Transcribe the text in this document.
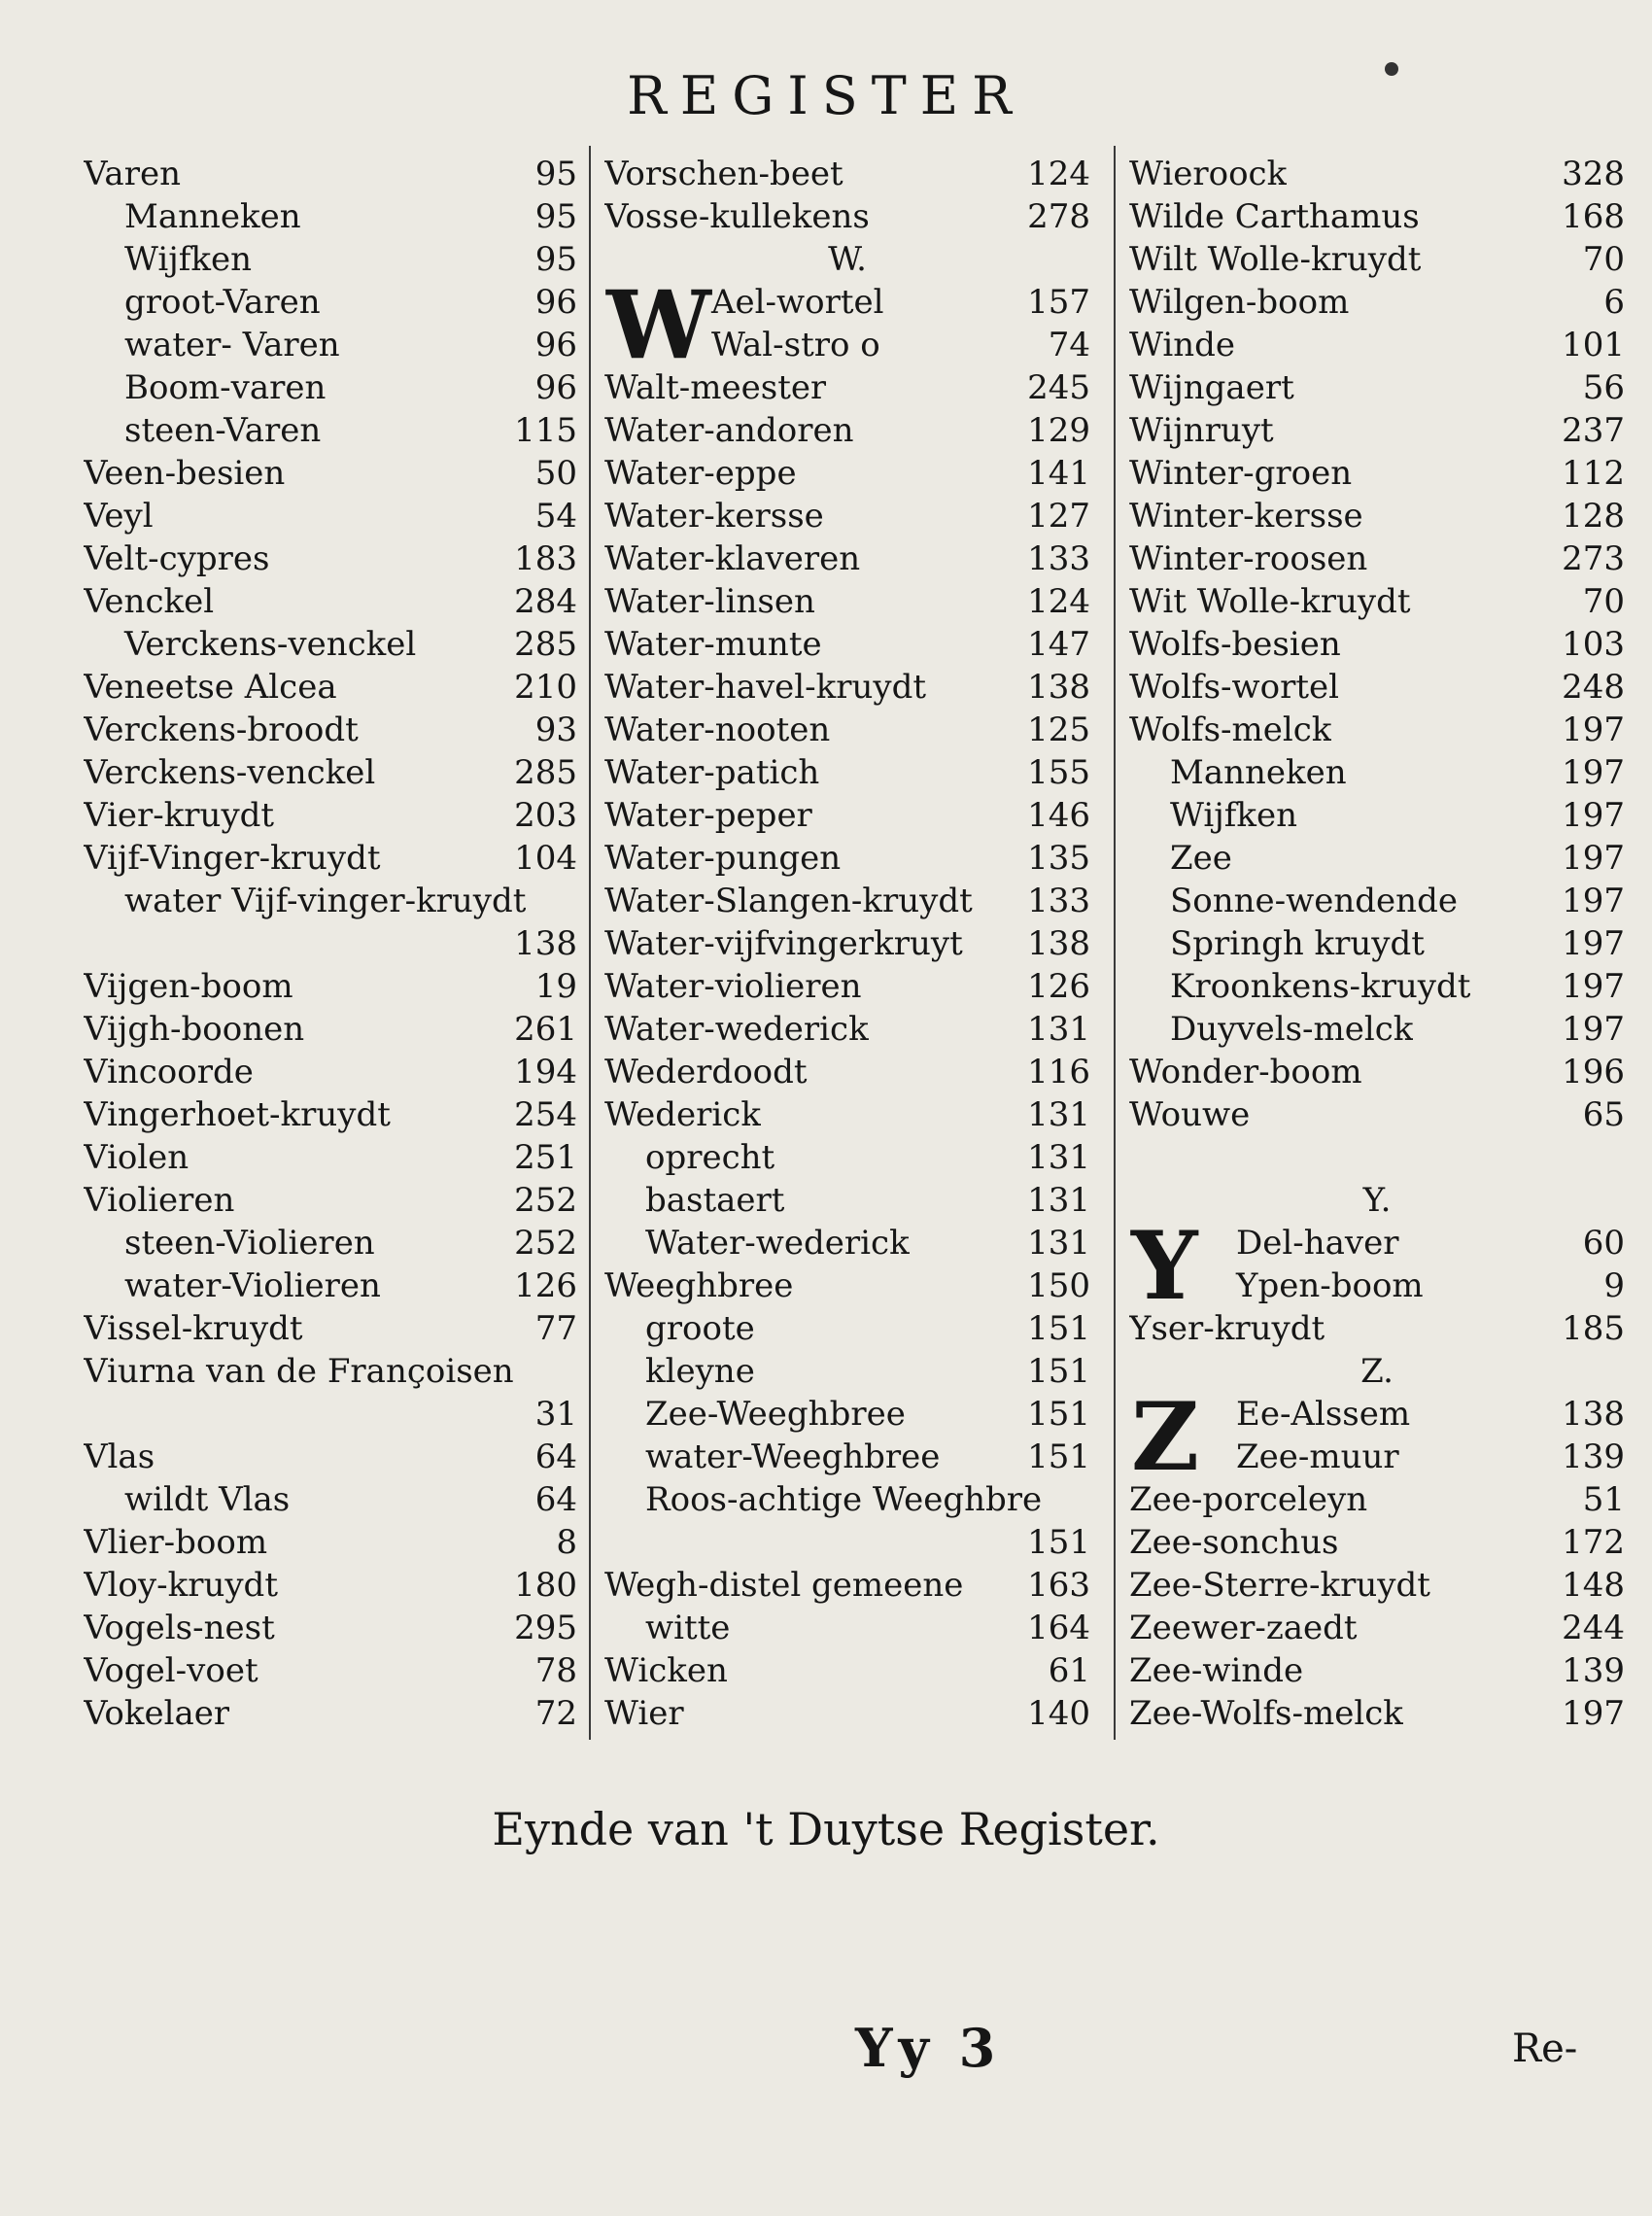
REGISTER
Varen	95
Manneken	95
Wijfken	95
groot-Varen	96
water- Varen	96
Boom-varen	96
steen-Varen	115
Veen-besien	50
Veyl	54
Velt-cypres	183
Venckel	284
Verckens-venckel	285
Veneetse Alcea	210
Verckens-broodt	93
Verckens-venckel	285
Vier-kruydt	203
Vijf-Vinger-kruydt	104
water Vijf-vinger-kruydt
138
Vijgen-boom	19
Vijgh-boonen	261
Vincoorde	194
Vingerhoet-kruydt	254
Violen	251
Violieren	252
steen-Violieren	252
water-Violieren	126
Vissel-kruydt	77
Viurna van de Françoisen
31
Vlas	64
wildt Vlas	64
Vlier-boom	8
Vloy-kruydt	180
Vogels-nest	295
Vogel-voet	78
Vokelaer	72
Vorschen-beet	124
Vosse-kullekens	278
W.
W Ael-wortel	157
Wal-stro o	74
Walt-meester	245
Water-andoren	129
Water-eppe	141
Water-kersse	127
Water-klaveren	133
Water-linsen	124
Water-munte	147
Water-havel-kruydt	138
Water-nooten	125
Water-patich	155
Water-peper	146
Water-pungen	135
Water-Slangen-kruydt 133
Water-vijfvingerkruyt 138
Water-violieren	126
Water-wederick	131
Wederdoodt	116
Wederick	131
oprecht	131
bastaert	131
Water-wederick	131
Weeghbree	150
groote	151
kleyne	151
Zee-Weeghbree	151
water-Weeghbree	151
Roos-achtige Weeghbre
151
Wegh-distel gemeene 163
witte	164
Wicken	61
Wier	140
Wieroock	328
Wilde Carthamus	168
Wilt Wolle-kruydt	70
Wilgen-boom	6
Winde	101
Wijngaert	56
Wijnruyt	237
Winter-groen	112
Winter-kersse	128
Winter-roosen	273
Wit Wolle-kruydt	70
Wolfs-besien	103
Wolfs-wortel	248
Wolfs-melck	197
Manneken	197
Wijfken	197
Zee	197
Sonne-wendende	197
Springh kruydt	197
Kroonkens-kruydt	197
Duyvels-melck	197
Wonder-boom	196
Wouwe	65
Y.
Y	Del-haver	60
Ypen-boom	9
Yser-kruydt	185
Z.
Z	Ee-Alssem	138
Zee-muur	139
Zee-porceleyn	51
Zee-sonchus	172
Zee-Sterre-kruydt	148
Zeewer-zaedt	244
Zee-winde	139
Zee-Wolfs-melck	197
Eynde van 't Duytse Register.
Yy 3	Re-
